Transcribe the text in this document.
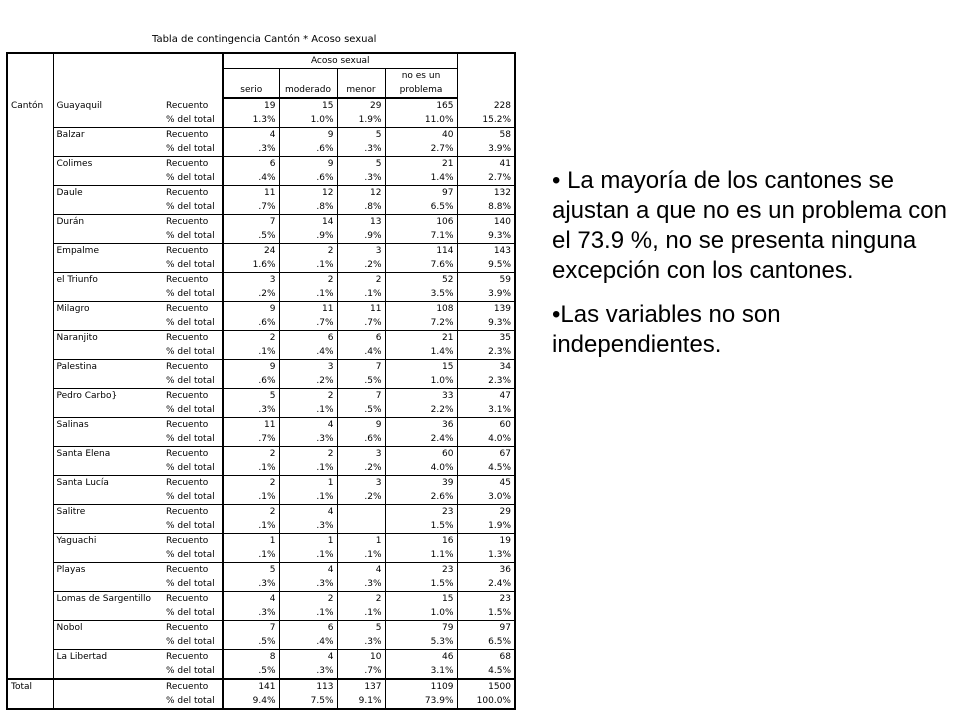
Tabla de contingencia Cantón * Acoso sexual
			Acoso sexual				
						no es un	
			serio	moderado	menor	problema	
Cantón	Guayaquil	Recuento	19	15	29	165	228
		% del total	1.3%	1.0%	1.9%	11.0%	15.2%
	Balzar	Recuento	4	9	5	40	58
		% del total	.3%	.6%	.3%	2.7%	3.9%
	Colimes	Recuento	6	9	5	21	41
		% del total	.4%	.6%	.3%	1.4%	2.7%
	Daule	Recuento	11	12	12	97	132
		% del total	.7%	.8%	.8%	6.5%	8.8%
	Durán	Recuento	7	14	13	106	140
		% del total	.5%	.9%	.9%	7.1%	9.3%
	Empalme	Recuento	24	2	3	114	143
		% del total	1.6%	.1%	.2%	7.6%	9.5%
	el Triunfo	Recuento	3	2	2	52	59
		% del total	.2%	.1%	.1%	3.5%	3.9%
	Milagro	Recuento	9	11	11	108	139
		% del total	.6%	.7%	.7%	7.2%	9.3%
	Naranjito	Recuento	2	6	6	21	35
		% del total	.1%	.4%	.4%	1.4%	2.3%
	Palestina	Recuento	9	3	7	15	34
		% del total	.6%	.2%	.5%	1.0%	2.3%
	Pedro Carbo}	Recuento	5	2	7	33	47
		% del total	.3%	.1%	.5%	2.2%	3.1%
	Salinas	Recuento	11	4	9	36	60
		% del total	.7%	.3%	.6%	2.4%	4.0%
	Santa Elena	Recuento	2	2	3	60	67
		% del total	.1%	.1%	.2%	4.0%	4.5%
	Santa Lucía	Recuento	2	1	3	39	45
		% del total	.1%	.1%	.2%	2.6%	3.0%
	Salitre	Recuento	2	4		23	29
		% del total	.1%	.3%		1.5%	1.9%
	Yaguachi	Recuento	1	1	1	16	19
		% del total	.1%	.1%	.1%	1.1%	1.3%
	Playas	Recuento	5	4	4	23	36
		% del total	.3%	.3%	.3%	1.5%	2.4%
	Lomas de Sargentillo	Recuento	4	2	2	15	23
		% del total	.3%	.1%	.1%	1.0%	1.5%
	Nobol	Recuento	7	6	5	79	97
		% del total	.5%	.4%	.3%	5.3%	6.5%
	La Libertad	Recuento	8	4	10	46	68
		% del total	.5%	.3%	.7%	3.1%	4.5%
Total		Recuento	141	113	137	1109	1500
		% del total	9.4%	7.5%	9.1%	73.9%	100.0%

• La mayoría de los cantones se ajustan a que no es un problema con el 73.9 %, no se presenta ninguna excepción con los cantones.

•Las variables no son independientes.
